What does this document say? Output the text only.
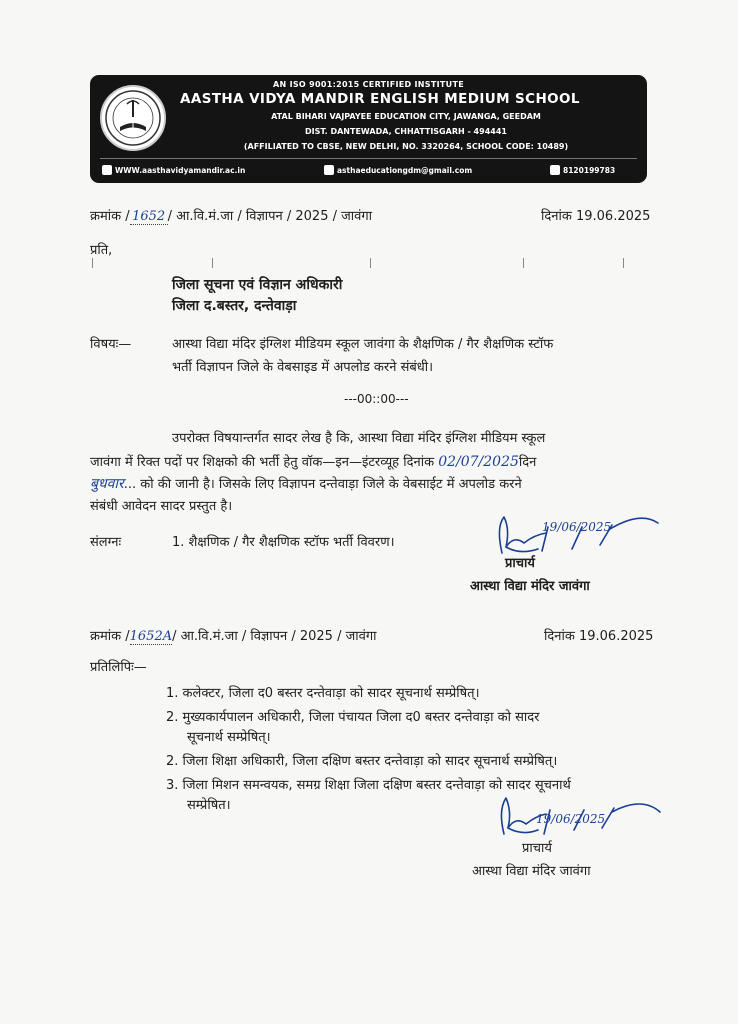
AN ISO 9001:2015 CERTIFIED INSTITUTE
AASTHA VIDYA MANDIR ENGLISH MEDIUM SCHOOL
ATAL BIHARI VAJPAYEE EDUCATION CITY, JAWANGA, GEEDAM
DIST. DANTEWADA, CHHATTISGARH - 494441
(AFFILIATED TO CBSE, NEW DELHI, NO. 3320264, SCHOOL CODE: 10489)
WWW.aasthavidyamandir.ac.in	asthaeducationgdm@gmail.com	8120199783
क्रमांक / 1652 / आ.वि.मं.जा / विज्ञापन / 2025 / जावंगा	दिनांक 19.06.2025
प्रति,
जिला सूचना एवं विज्ञान अधिकारी
जिला द.बस्तर, दन्तेवाड़ा
विषयः—	आस्था विद्या मंदिर इंग्लिश मीडियम स्कूल जावंगा के शैक्षणिक / गैर शैक्षणिक स्टॉफ
भर्ती विज्ञापन जिले के वेबसाइड में अपलोड करने संबंधी।
---00::00---
उपरोक्त विषयान्तर्गत सादर लेख है कि, आस्था विद्या मंदिर इंग्लिश मीडियम स्कूल
जावंगा में रिक्त पदों पर शिक्षको की भर्ती हेतु वॉक—इन—इंटरव्यूह दिनांक 02/07/2025दिन
बुधवार... को की जानी है। जिसके लिए विज्ञापन दन्तेवाड़ा जिले के वेबसाईट में अपलोड करने
संबंधी आवेदन सादर प्रस्तुत है।
संलग्नः	1. शैक्षणिक / गैर शैक्षणिक स्टॉफ भर्ती विवरण।
19/06/2025
प्राचार्य
आस्था विद्या मंदिर जावंगा
क्रमांक /1652A/ आ.वि.मं.जा / विज्ञापन / 2025 / जावंगा	दिनांक 19.06.2025
प्रतिलिपिः—
1. कलेक्टर, जिला द0 बस्तर दन्तेवाड़ा को सादर सूचनार्थ सम्प्रेषित्।
2. मुख्यकार्यपालन अधिकारी, जिला पंचायत जिला द0 बस्तर दन्तेवाड़ा को सादर
सूचनार्थ सम्प्रेषित्।
2. जिला शिक्षा अधिकारी, जिला दक्षिण बस्तर दन्तेवाड़ा को सादर सूचनार्थ सम्प्रेषित्।
3. जिला मिशन समन्वयक, समग्र शिक्षा जिला दक्षिण बस्तर दन्तेवाड़ा को सादर सूचनार्थ
सम्प्रेषित।
19/06/2025
प्राचार्य
आस्था विद्या मंदिर जावंगा
